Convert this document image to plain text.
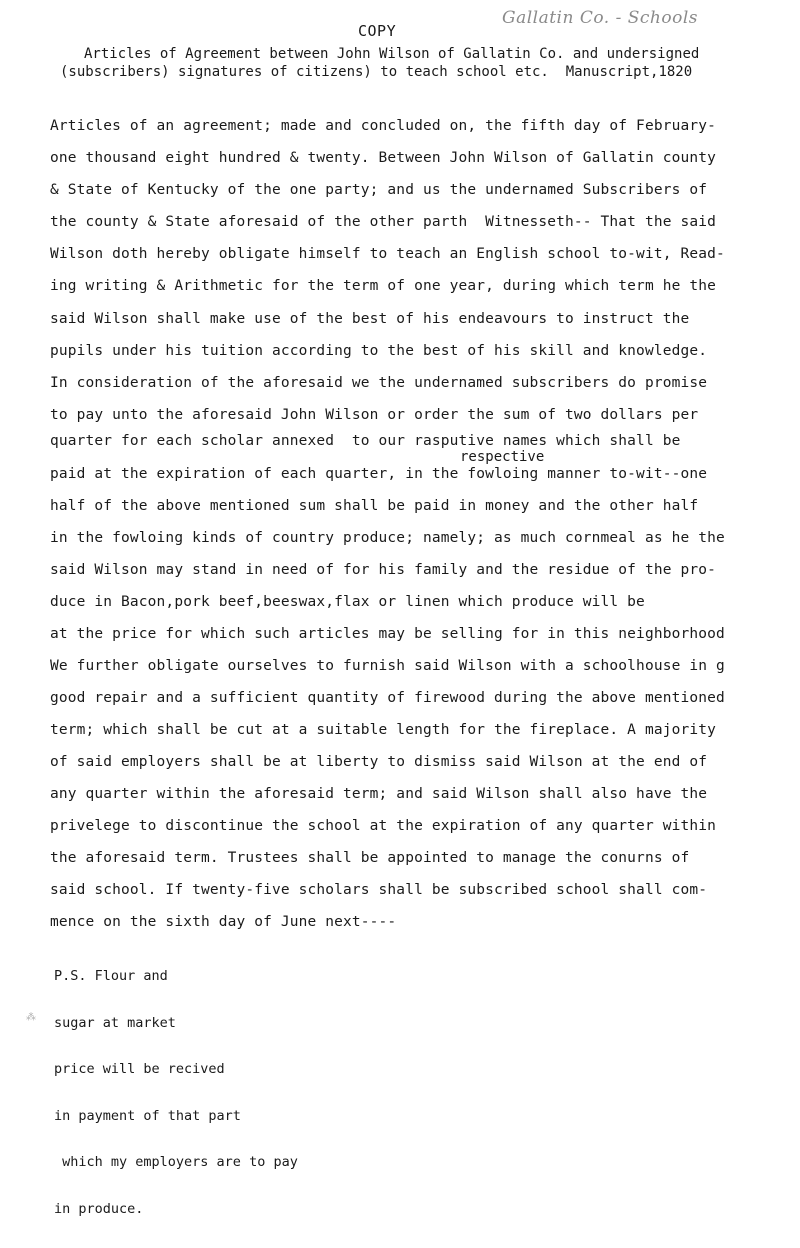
Gallatin Co. - Schools
COPY

Articles of Agreement between John Wilson of Gallatin Co. and undersigned

(subscribers) signatures of citizens) to teach school etc.  Manuscript,1820

Articles of an agreement; made and concluded on, the fifth day of February-
one thousand eight hundred & twenty. Between John Wilson of Gallatin county
& State of Kentucky of the one party; and us the undernamed Subscribers of
the county & State aforesaid of the other parth  Witnesseth-- That the said
Wilson doth hereby obligate himself to teach an English school to-wit, Read-
ing writing & Arithmetic for the term of one year, during which term he the
said Wilson shall make use of the best of his endeavours to instruct the
pupils under his tuition according to the best of his skill and knowledge.
In consideration of the aforesaid we the undernamed subscribers do promise
to pay unto the aforesaid John Wilson or order the sum of two dollars per
quarter for each scholar annexed  to our rasputive names which shall be
respective
paid at the expiration of each quarter, in the fowloing manner to-wit--one
half of the above mentioned sum shall be paid in money and the other half
in the fowloing kinds of country produce; namely; as much cornmeal as he the
said Wilson may stand in need of for his family and the residue of the pro-
duce in Bacon,pork beef,beeswax,flax or linen which produce will be
at the price for which such articles may be selling for in this neighborhood
We further obligate ourselves to furnish said Wilson with a schoolhouse in g
good repair and a sufficient quantity of firewood during the above mentioned
term; which shall be cut at a suitable length for the fireplace. A majority
of said employers shall be at liberty to dismiss said Wilson at the end of
any quarter within the aforesaid term; and said Wilson shall also have the
privelege to discontinue the school at the expiration of any quarter within
the aforesaid term. Trustees shall be appointed to manage the conurns of
said school. If twenty-five scholars shall be subscribed school shall com-
mence on the sixth day of June next----

P.S. Flour and

sugar at market

price will be recived

in payment of that part

which my employers are to pay

in produce.

⁂
